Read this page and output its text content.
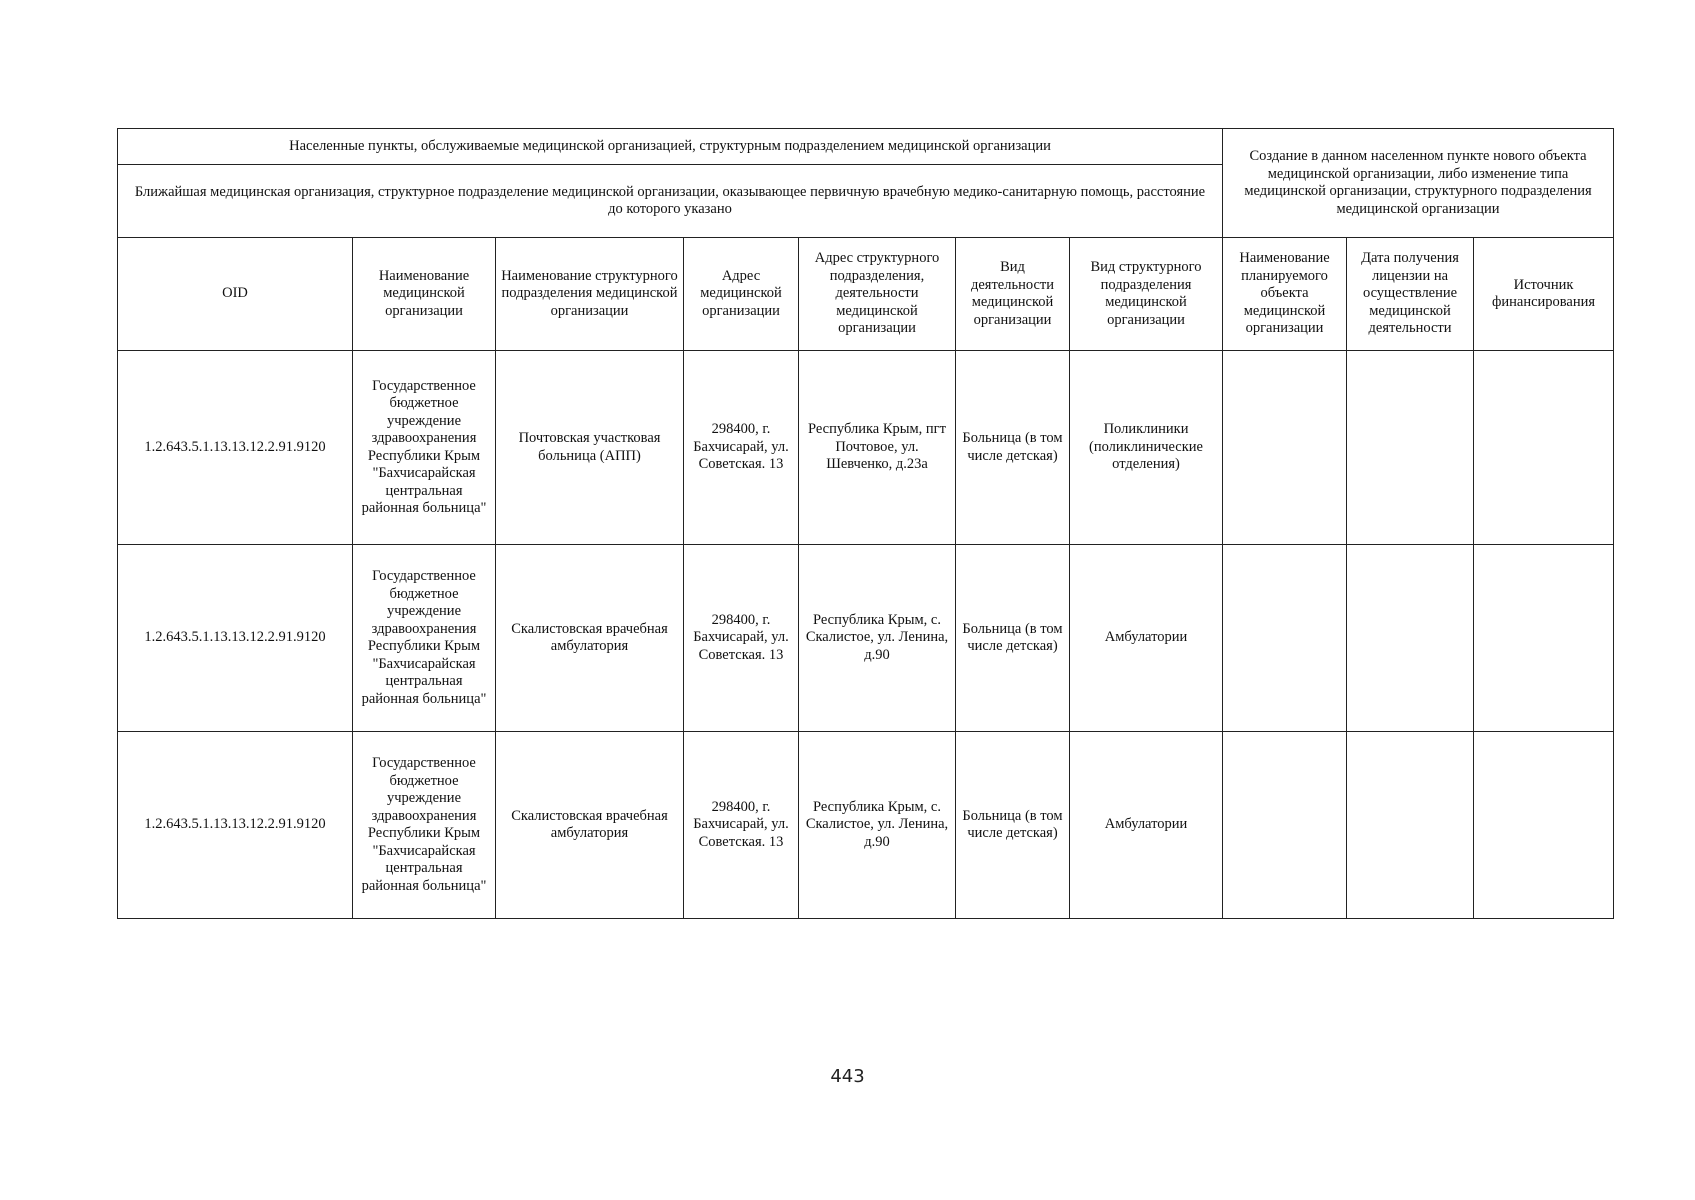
Населенные пункты, обслуживаемые медицинской организацией, структурным подразделением медицинской организации							Создание в данном населенном пункте нового объекта медицинской организации, либо изменение типа медицинской организации, структурного подразделения медицинской организации		
Ближайшая медицинская организация, структурное подразделение медицинской организации, оказывающее первичную врачебную медико-санитарную помощь, расстояние до которого указано									
OID	Наименование медицинской организации	Наименование структурного подразделения медицинской организации	Адрес медицинской организации	Адрес структурного подразделения, деятельности медицинской организации	Вид деятельности медицинской организации	Вид структурного подразделения медицинской организации	Наименование планируемого объекта медицинской организации	Дата получения лицензии на осуществление медицинской деятельности	Источник финансирования
1.2.643.5.1.13.13.12.2.91.9120	Государственное бюджетное учреждение здравоохранения Республики Крым "Бахчисарайская центральная районная больница"	Почтовская участковая больница (АПП)	298400, г. Бахчисарай, ул. Советская. 13	Республика Крым, пгт Почтовое, ул. Шевченко, д.23а	Больница (в том числе детская)	Поликлиники (поликлинические отделения)			
1.2.643.5.1.13.13.12.2.91.9120	Государственное бюджетное учреждение здравоохранения Республики Крым "Бахчисарайская центральная районная больница"	Скалистовская врачебная амбулатория	298400, г. Бахчисарай, ул. Советская. 13	Республика Крым, с. Скалистое, ул. Ленина, д.90	Больница (в том числе детская)	Амбулатории			
1.2.643.5.1.13.13.12.2.91.9120	Государственное бюджетное учреждение здравоохранения Республики Крым "Бахчисарайская центральная районная больница"	Скалистовская врачебная амбулатория	298400, г. Бахчисарай, ул. Советская. 13	Республика Крым, с. Скалистое, ул. Ленина, д.90	Больница (в том числе детская)	Амбулатории			
443
